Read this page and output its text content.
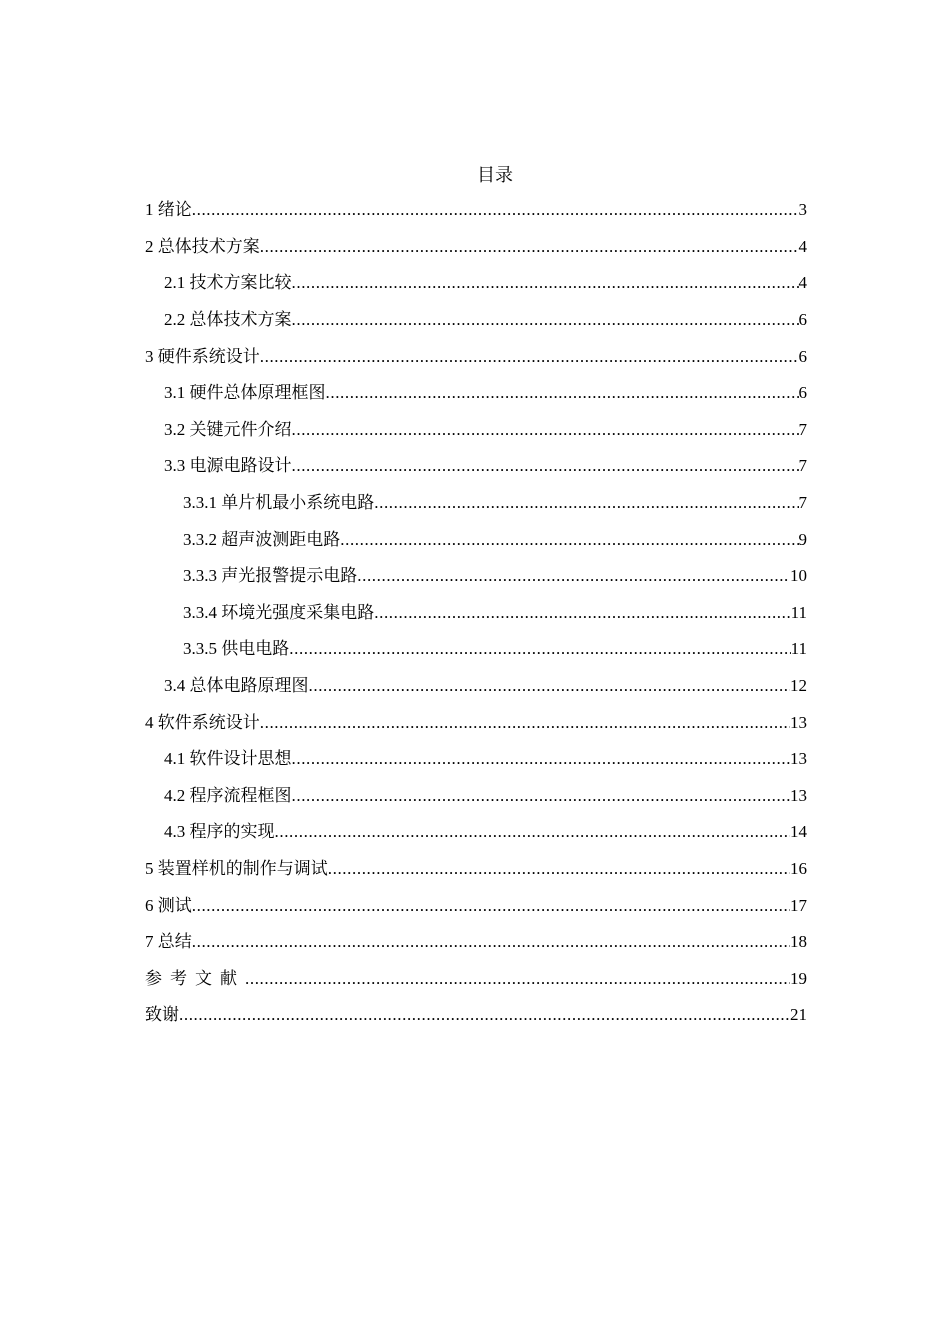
目录
1 绪论 .....	3
2 总体技术方案 .....	4
2.1 技术方案比较 .....	4
2.2 总体技术方案 .....	6
3 硬件系统设计 .....	6
3.1 硬件总体原理框图 .....	6
3.2 关键元件介绍 .....	7
3.3 电源电路设计 .....	7
3.3.1 单片机最小系统电路 .....	7
3.3.2 超声波测距电路 .....	9
3.3.3 声光报警提示电路 .....	10
3.3.4 环境光强度采集电路 .....	11
3.3.5 供电电路 .....	11
3.4 总体电路原理图 .....	12
4 软件系统设计 .....	13
4.1 软件设计思想 .....	13
4.2 程序流程框图 .....	13
4.3 程序的实现 .....	14
5 装置样机的制作与调试 .....	16
6 测试 .....	17
7 总结 .....	18
参考文献 .....	19
致谢 .....	21
